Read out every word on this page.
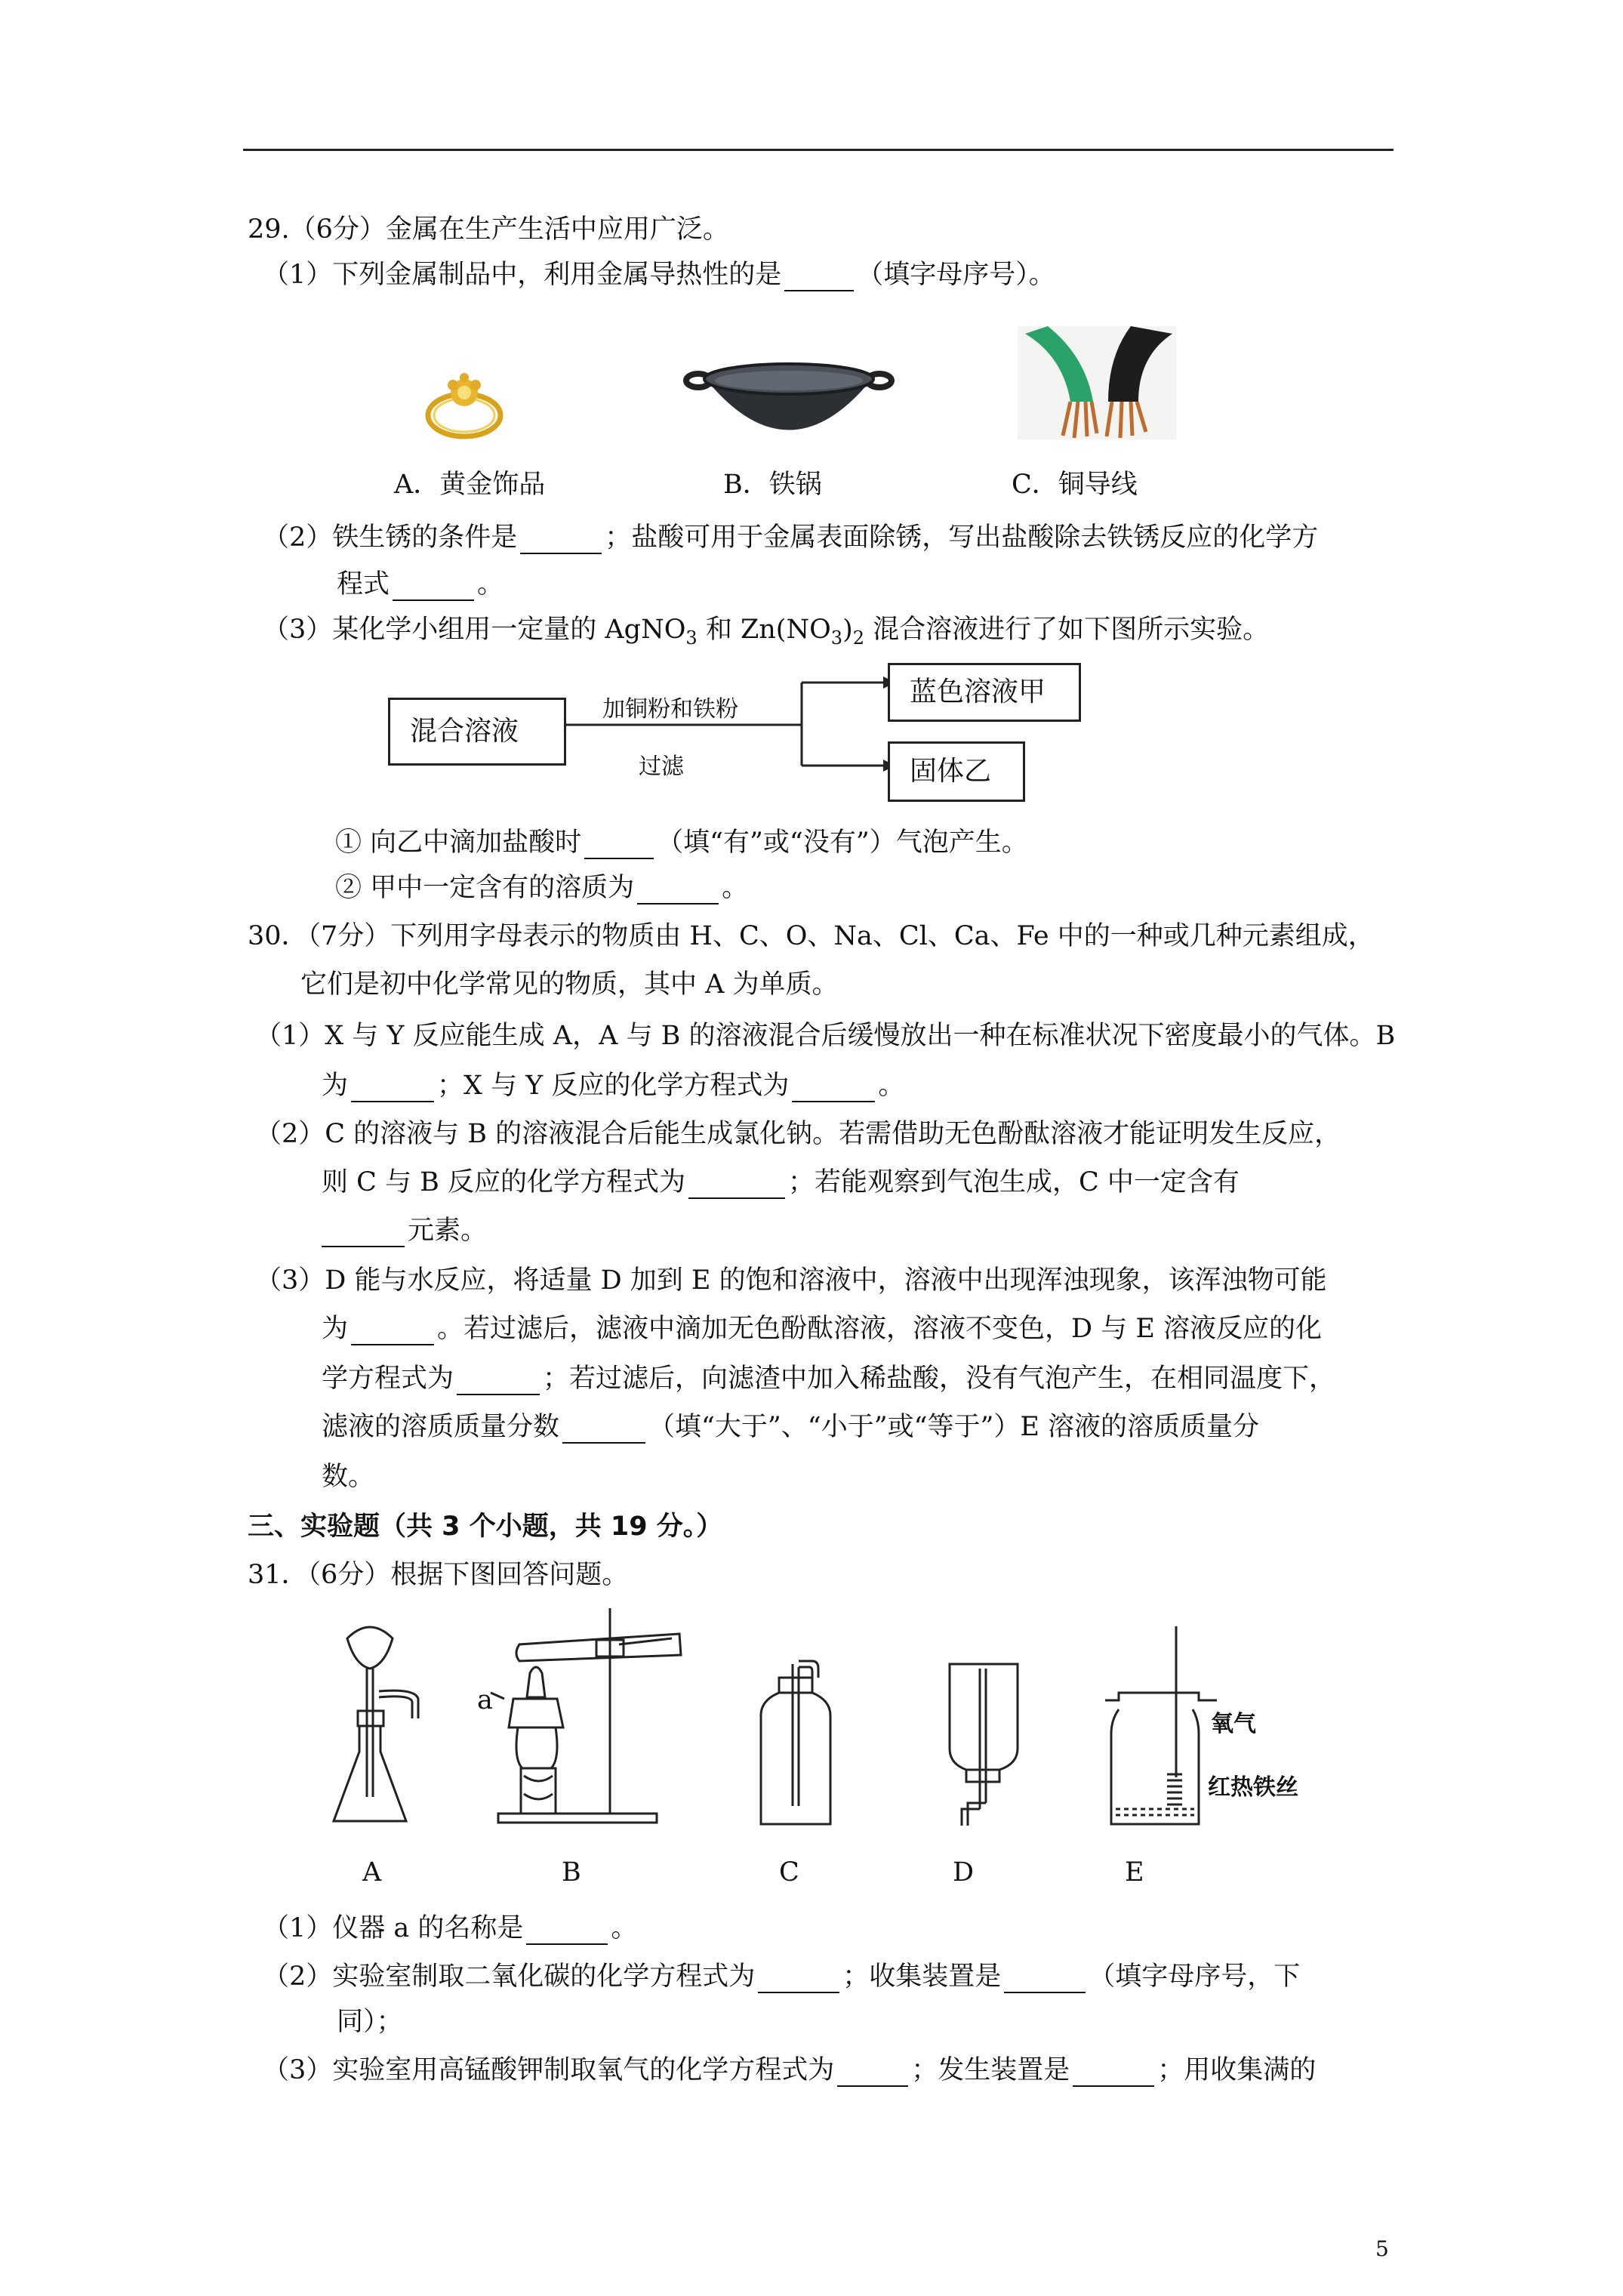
29.（6分）金属在生产生活中应用广泛。
（1）下列金属制品中，利用金属导热性的是	（填字母序号）。
A．黄金饰品	B．铁锅	C．铜导线
（2）铁生锈的条件是	；盐酸可用于金属表面除锈，写出盐酸除去铁锈反应的化学方
程式	。
（3）某化学小组用一定量的 AgNO$_3$ 和 $Zn(NO_3)_2$ 混合溶液进行了如下图所示实验。
混合溶液
加铜粉和铁粉
过滤
蓝色溶液甲
固体乙
① 向乙中滴加盐酸时	（填“有”或“没有”）气泡产生。
② 甲中一定含有的溶质为	。
30．（7分）下列用字母表示的物质由 H、C、O、Na、Cl、Ca、Fe 中的一种或几种元素组成，
它们是初中化学常见的物质，其中 A 为单质。
（1）X 与 Y 反应能生成 A，A 与 B 的溶液混合后缓慢放出一种在标准状况下密度最小的气体。B
为	；X 与 Y 反应的化学方程式为	。
（2）C 的溶液与 B 的溶液混合后能生成氯化钠。若需借助无色酚酞溶液才能证明发生反应，
则 C 与 B 反应的化学方程式为	；若能观察到气泡生成，C 中一定含有
元素。
（3）D 能与水反应，将适量 D 加到 E 的饱和溶液中，溶液中出现浑浊现象，该浑浊物可能
为	。若过滤后，滤液中滴加无色酚酞溶液，溶液不变色，D 与 E 溶液反应的化
学方程式为	；若过滤后，向滤渣中加入稀盐酸，没有气泡产生，在相同温度下，
滤液的溶质质量分数	（填“大于”、“小于”或“等于”）E 溶液的溶质质量分
数。
三、实验题（共 3 个小题，共 19 分。）
31．（6分）根据下图回答问题。
a
氧气
红热铁丝
A	B	C	D	E
（1）仪器 a 的名称是	。
（2）实验室制取二氧化碳的化学方程式为	；收集装置是	（填字母序号，下
同）；
（3）实验室用高锰酸钾制取氧气的化学方程式为	；发生装置是	；用收集满的
5
